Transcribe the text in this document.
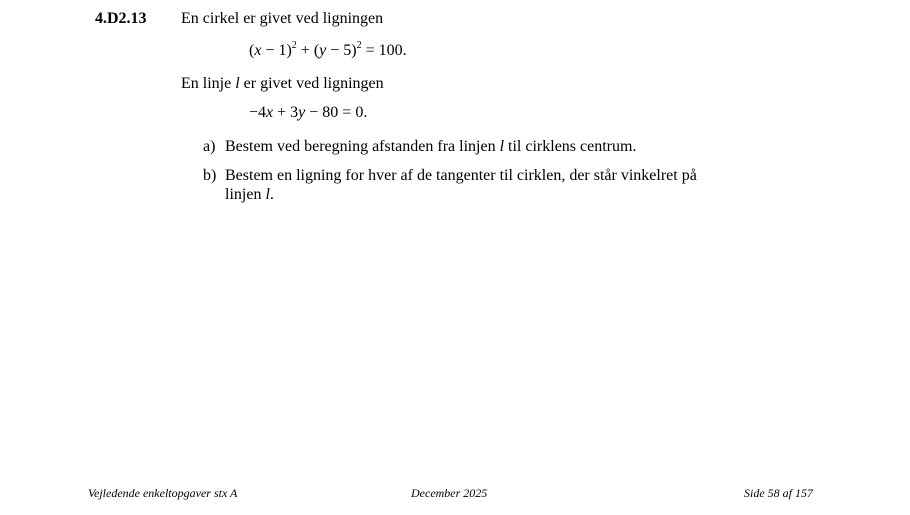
4.D2.13 En cirkel er givet ved ligningen
$(x - 1)^2 + (y - 5)^2 = 100$.
En linje l er givet ved ligningen
−4x + 3y − 80 = 0.
a) Bestem ved beregning afstanden fra linjen l til cirklens centrum.
b) Bestem en ligning for hver af de tangenter til cirklen, der står vinkelret på
linjen l.
Vejledende enkeltopgaver stx A	December 2025	Side 58 af 157
